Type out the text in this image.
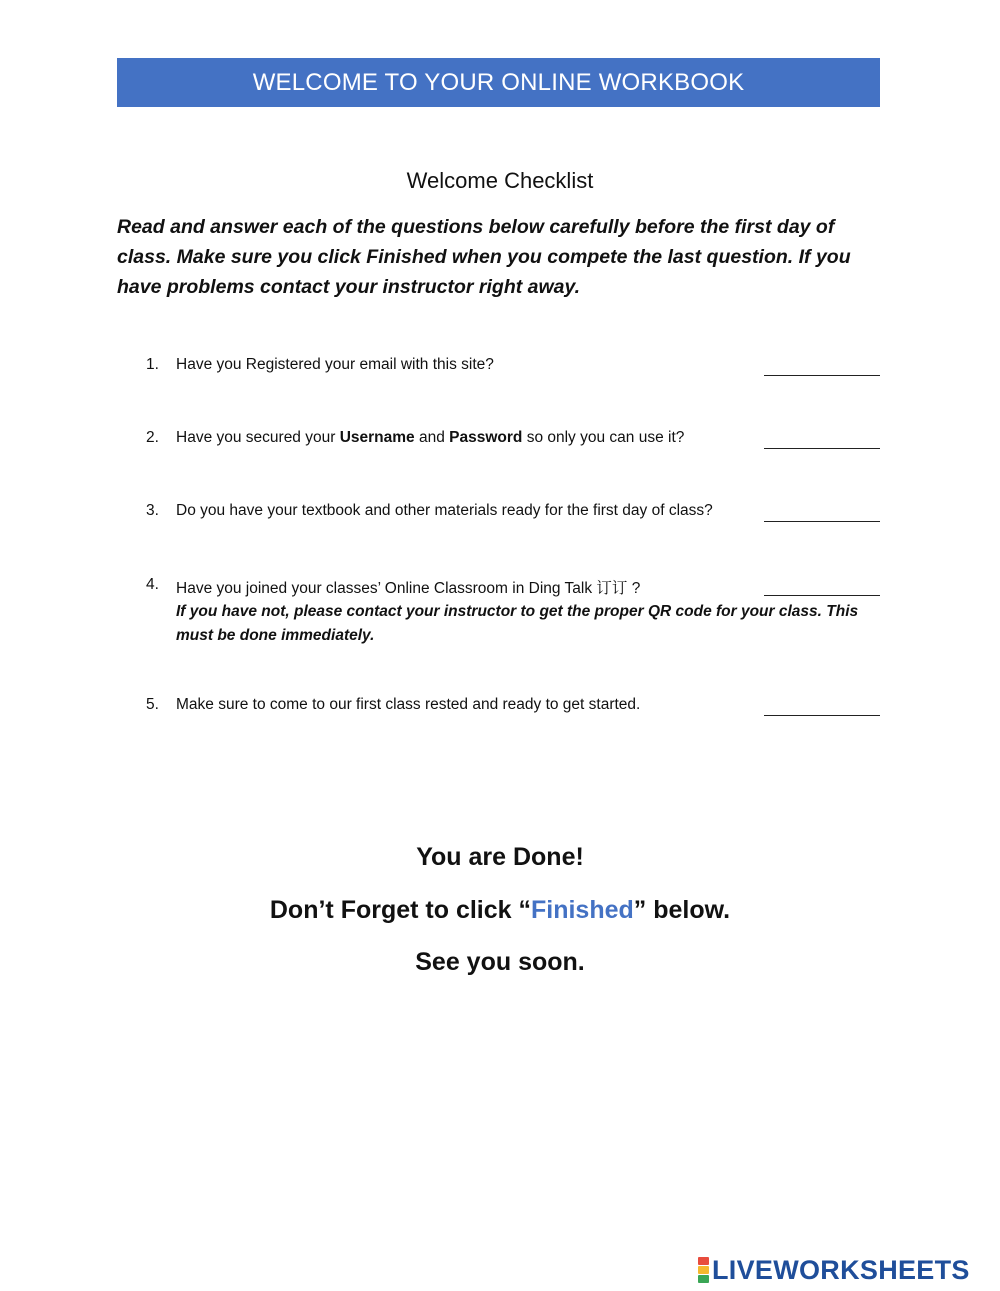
WELCOME TO YOUR ONLINE WORKBOOK
Welcome Checklist
Read and answer each of the questions below carefully before the first day of class. Make sure you click Finished when you compete the last question. If you have problems contact your instructor right away.
1. Have you Registered your email with this site?
2. Have you secured your Username and Password so only you can use it?
3. Do you have your textbook and other materials ready for the first day of class?
4. Have you joined your classes’ Online Classroom in Ding Talk 订订 ?
If you have not, please contact your instructor to get the proper QR code for your class. This must be done immediately.
5. Make sure to come to our first class rested and ready to get started.
You are Done!
Don’t Forget to click “Finished” below.
See you soon.
LIVEWORKSHEETS
